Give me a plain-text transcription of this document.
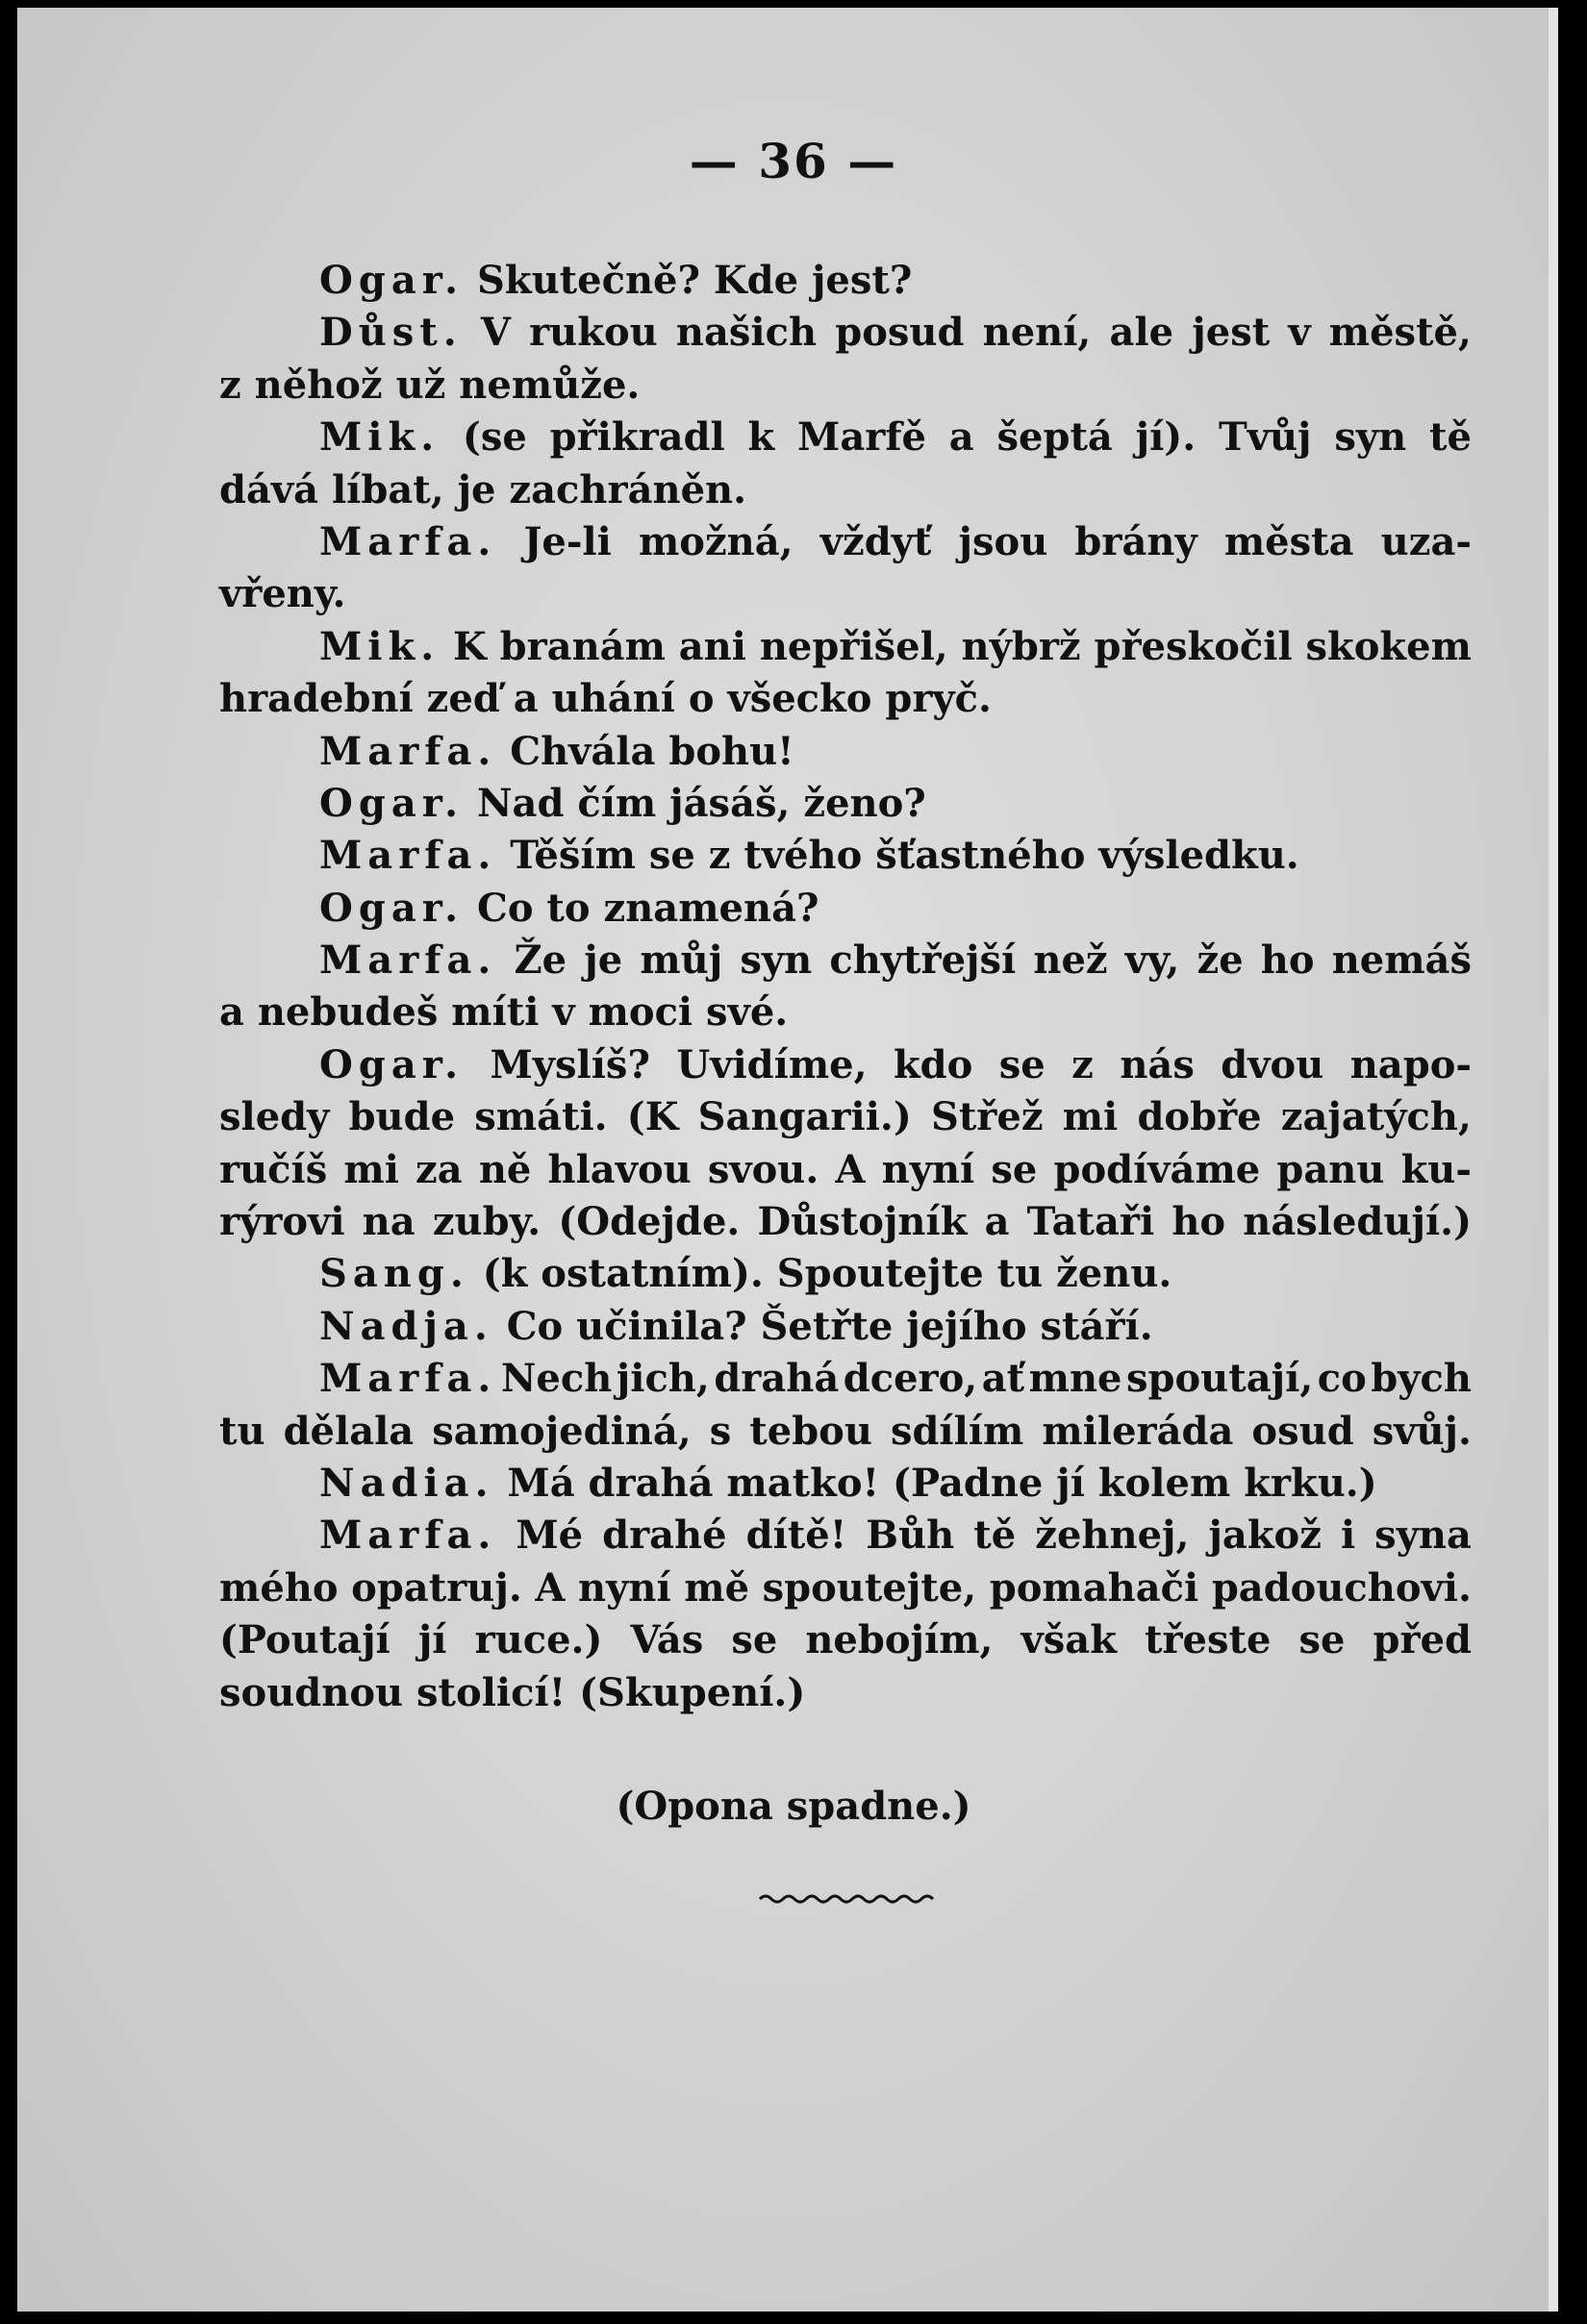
— 36 —
Ogar. Skutečně? Kde jest?
Důst. V rukou našich posud není, ale jest v městě,
z něhož už nemůže.
Mik. (se přikradl k Marfě a šeptá jí). Tvůj syn tě
dává líbat, je zachráněn.
Marfa. Je-li možná, vždyť jsou brány města uza-
vřeny.
Mik. K branám ani nepřišel, nýbrž přeskočil skokem
hradební zeď a uhání o všecko pryč.
Marfa. Chvála bohu!
Ogar. Nad čím jásáš, ženo?
Marfa. Těším se z tvého šťastného výsledku.
Ogar. Co to znamená?
Marfa. Že je můj syn chytřejší než vy, že ho nemáš
a nebudeš míti v moci své.
Ogar. Myslíš? Uvidíme, kdo se z nás dvou napo-
sledy bude smáti. (K Sangarii.) Střež mi dobře zajatých,
ručíš mi za ně hlavou svou. A nyní se podíváme panu ku-
rýrovi na zuby. (Odejde. Důstojník a Tataři ho následují.)
Sang. (k ostatním). Spoutejte tu ženu.
Nadja. Co učinila? Šetřte jejího stáří.
Marfa. Nech jich, drahá dcero, ať mne spoutají, co bych
tu dělala samojediná, s tebou sdílím mileráda osud svůj.
Nadia. Má drahá matko! (Padne jí kolem krku.)
Marfa. Mé drahé dítě! Bůh tě žehnej, jakož i syna
mého opatruj. A nyní mě spoutejte, pomahači padouchovi.
(Poutají jí ruce.) Vás se nebojím, však třeste se před
soudnou stolicí! (Skupení.)
(Opona spadne.)
